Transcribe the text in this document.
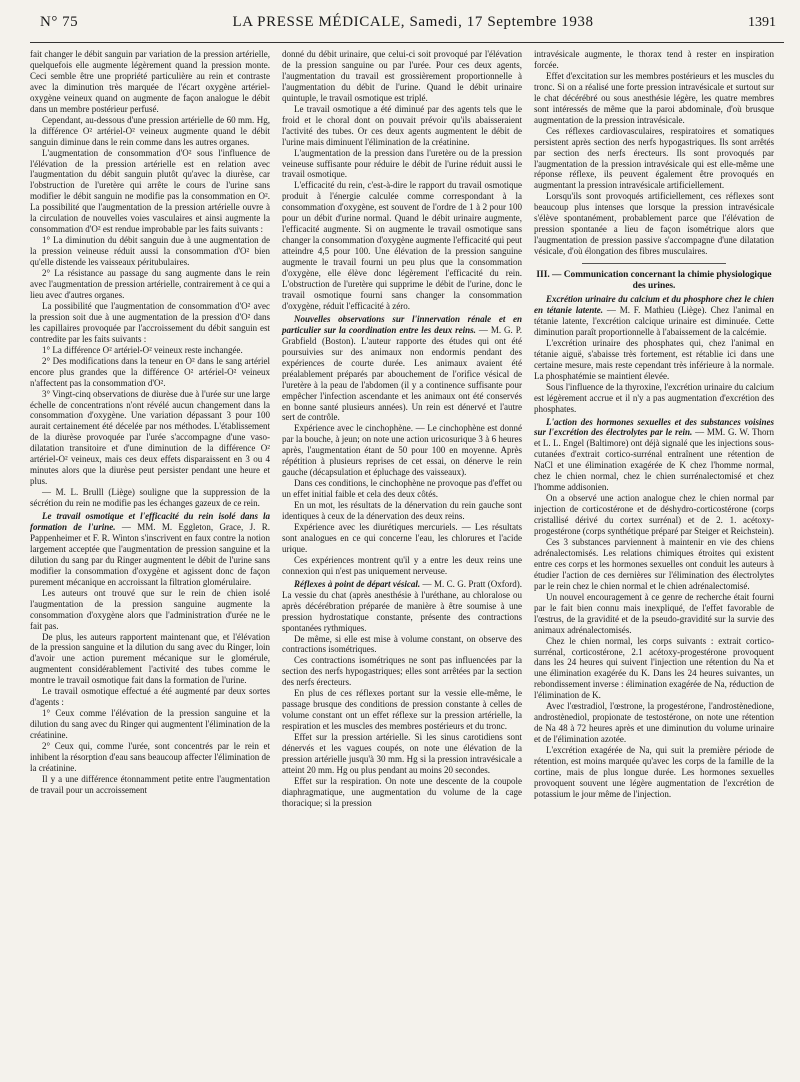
N° 75	LA PRESSE MÉDICALE, Samedi, 17 Septembre 1938	1391

fait changer le débit sanguin par variation de la pression artérielle, quelquefois elle augmente légèrement quand la pression monte. Ceci semble être une propriété particulière au rein et contraste avec la diminution très marquée de l'écart oxygène artériel-oxygène veineux quand on augmente de façon analogue le débit dans un membre postérieur perfusé.

Cependant, au-dessous d'une pression artérielle de 60 mm. Hg, la différence O² artériel-O² veineux augmente quand le débit sanguin diminue dans le rein comme dans les autres organes.

L'augmentation de consommation d'O² sous l'influence de l'élévation de la pression artérielle est en relation avec l'augmentation du débit sanguin plutôt qu'avec la diurèse, car l'obstruction de l'uretère qui arrête le cours de l'urine sans modifier le débit sanguin ne modifie pas la consommation en O². La possibilité que l'augmentation de la pression artérielle ouvre à la circulation de nouvelles voies vasculaires et ainsi augmente la consommation d'O² est rendue improbable par les faits suivants :

1° La diminution du débit sanguin due à une augmentation de la pression veineuse réduit aussi la consommation d'O² bien qu'elle distende les vaisseaux péritubulaires.

2° La résistance au passage du sang augmente dans le rein avec l'augmentation de pression artérielle, contrairement à ce qui a lieu avec d'autres organes.

La possibilité que l'augmentation de consommation d'O² avec la pression soit due à une augmentation de la pression d'O² dans les capillaires provoquée par l'accroissement du débit sanguin est contredite par les faits suivants :

1° La différence O² artériel-O² veineux reste inchangée.

2° Des modifications dans la teneur en O² dans le sang artériel encore plus grandes que la différence O² artériel-O² veineux n'affectent pas la consommation d'O².

3° Vingt-cinq observations de diurèse due à l'urée sur une large échelle de concentrations n'ont révélé aucun changement dans la consommation d'oxygène. Une variation dépassant 3 pour 100 aurait certainement été décelée par nos méthodes. L'établissement de la diurèse provoquée par l'urée s'accompagne d'une vaso-dilatation transitoire et d'une diminution de la différence O² artériel-O² veineux, mais ces deux effets disparaissent en 3 ou 4 minutes alors que la diurèse peut persister pendant une heure et plus.

— M. L. Brulll (Liège) souligne que la suppression de la sécrétion du rein ne modifie pas les échanges gazeux de ce rein.

Le travail osmotique et l'efficacité du rein isolé dans la formation de l'urine. — MM. M. Eggleton, Grace, J. R. Pappenheimer et F. R. Winton s'inscrivent en faux contre la notion largement acceptée que l'augmentation de pression sanguine et la dilution du sang par du Ringer augmentent le débit de l'urine sans modifier la consommation d'oxygène et agissent donc de façon purement mécanique en accroissant la filtration glomérulaire.

Les auteurs ont trouvé que sur le rein de chien isolé l'augmentation de la pression sanguine augmente la consommation d'oxygène alors que l'administration d'urée ne le fait pas.

De plus, les auteurs rapportent maintenant que, et l'élévation de la pression sanguine et la dilution du sang avec du Ringer, loin d'avoir une action purement mécanique sur le glomérule, augmentent considérablement l'activité des tubes comme le montre le travail osmotique fait dans la formation de l'urine.

Le travail osmotique effectué a été augmenté par deux sortes d'agents :

1° Ceux comme l'élévation de la pression sanguine et la dilution du sang avec du Ringer qui augmentent l'élimination de la créatinine.

2° Ceux qui, comme l'urée, sont concentrés par le rein et inhibent la résorption d'eau sans beaucoup affecter l'élimination de la créatinine.

Il y a une différence étonnamment petite entre l'augmentation de travail pour un accroissement

donné du débit urinaire, que celui-ci soit provoqué par l'élévation de la pression sanguine ou par l'urée. Pour ces deux agents, l'augmentation du travail est grossièrement proportionnelle à l'augmentation du débit de l'urine. Quand le débit urinaire quintuple, le travail osmotique est triplé.

Le travail osmotique a été diminué par des agents tels que le froid et le choral dont on pouvait prévoir qu'ils abaisseraient l'activité des tubes. Or ces deux agents augmentent le débit de l'urine mais diminuent l'élimination de la créatinine.

L'augmentation de la pression dans l'uretère ou de la pression veineuse suffisante pour réduire le débit de l'urine réduit aussi le travail osmotique.

L'efficacité du rein, c'est-à-dire le rapport du travail osmotique produit à l'énergie calculée comme correspondant à la consommation d'oxygène, est souvent de l'ordre de 1 à 2 pour 100 pour un débit d'urine normal. Quand le débit urinaire augmente, l'efficacité augmente. Si on augmente le travail osmotique sans changer la consommation d'oxygène augmente l'efficacité qui peut atteindre 4,5 pour 100. Une élévation de la pression sanguine augmente le travail fourni un peu plus que la consommation d'oxygène, elle élève donc légèrement l'efficacité du rein. L'obstruction de l'uretère qui supprime le débit de l'urine, donc le travail osmotique fourni sans changer la consommation d'oxygène, réduit l'efficacité à zéro.

Nouvelles observations sur l'innervation rénale et en particulier sur la coordination entre les deux reins. — M. G. P. Grabfield (Boston). L'auteur rapporte des études qui ont été poursuivies sur des animaux non endormis pendant des expériences de courte durée. Les animaux avaient été préalablement préparés par abouchement de l'orifice vésical de l'uretère à la peau de l'abdomen (il y a continence suffisante pour empêcher l'infection ascendante et les animaux ont été conservés en bonne santé plusieurs années). Un rein est dénervé et l'autre sert de contrôle.

Expérience avec le cinchophène. — Le cinchophène est donné par la bouche, à jeun; on note une action uricosurique 3 à 6 heures après, l'augmentation étant de 50 pour 100 en moyenne. Après répétition à plusieurs reprises de cet essai, on dénerve le rein gauche (décapsulation et épluchage des vaisseaux).

Dans ces conditions, le cinchophène ne provoque pas d'effet ou un effet initial faible et cela des deux côtés.

En un mot, les résultats de la dénervation du rein gauche sont identiques à ceux de la dénervation des deux reins.

Expérience avec les diurétiques mercuriels. — Les résultats sont analogues en ce qui concerne l'eau, les chlorures et l'acide urique.

Ces expériences montrent qu'il y a entre les deux reins une connexion qui n'est pas uniquement nerveuse.

Réflexes à point de départ vésical. — M. C. G. Pratt (Oxford). La vessie du chat (après anesthésie à l'uréthane, au chloralose ou après décérébration préparée de manière à être soumise à une pression hydrostatique constante, présente des contractions spontanées rythmiques.

De même, si elle est mise à volume constant, on observe des contractions isométriques.

Ces contractions isométriques ne sont pas influencées par la section des nerfs hypogastriques; elles sont arrêtées par la section des nerfs érecteurs.

En plus de ces réflexes portant sur la vessie elle-même, le passage brusque des conditions de pression constante à celles de volume constant ont un effet réflexe sur la pression artérielle, la respiration et les muscles des membres postérieurs et du tronc.

Effet sur la pression artérielle. Si les sinus carotidiens sont dénervés et les vagues coupés, on note une élévation de la pression artérielle jusqu'à 30 mm. Hg si la pression intravésicale a atteint 20 mm. Hg ou plus pendant au moins 20 secondes.

Effet sur la respiration. On note une descente de la coupole diaphragmatique, une augmentation du volume de la cage thoracique; si la pression

intravésicale augmente, le thorax tend à rester en inspiration forcée.

Effet d'excitation sur les membres postérieurs et les muscles du tronc. Si on a réalisé une forte pression intravésicale et surtout sur le chat décérébré ou sous anesthésie légère, les quatre membres sont intéressés de même que la paroi abdominale, d'où brusque augmentation de la pression intravésicale.

Ces réflexes cardiovasculaires, respiratoires et somatiques persistent après section des nerfs hypogastriques. Ils sont arrêtés par section des nerfs érecteurs. Ils sont provoqués par l'augmentation de la pression intravésicale qui est elle-même une réponse réflexe, ils peuvent également être provoqués en augmentant la pression intravésicale artificiellement.

Lorsqu'ils sont provoqués artificiellement, ces réflexes sont beaucoup plus intenses que lorsque la pression intravésicale s'élève spontanément, probablement parce que l'élévation de pression spontanée a lieu de façon isométrique alors que l'augmentation de pression passive s'accompagne d'une dilatation vésicale, d'où élongation des fibres musculaires.

III. — Communication concernant la chimie physiologique des urines.

Excrétion urinaire du calcium et du phosphore chez le chien en tétanie latente. — M. F. Mathieu (Liège). Chez l'animal en tétanie latente, l'excrétion calcique urinaire est diminuée. Cette diminution paraît proportionnelle à l'abaissement de la calcémie.

L'excrétion urinaire des phosphates qui, chez l'animal en tétanie aiguë, s'abaisse très fortement, est rétablie ici dans une certaine mesure, mais reste cependant très inférieure à la normale. La phosphatémie se maintient élevée.

Sous l'influence de la thyroxine, l'excrétion urinaire du calcium est légèrement accrue et il n'y a pas augmentation d'excrétion des phosphates.

L'action des hormones sexuelles et des substances voisines sur l'excrétion des électrolytes par le rein. — MM. G. W. Thorn et L. L. Engel (Baltimore) ont déjà signalé que les injections sous-cutanées d'extrait cortico-surrénal entraînent une rétention de NaCl et une élimination exagérée de K chez l'homme normal, chez le chien normal, chez le chien surrénalectomisé et chez l'homme addisonien.

On a observé une action analogue chez le chien normal par injection de corticostérone et de déshydro-corticostérone (corps cristallisé dérivé du cortex surrénal) et de 2. 1. acétoxy-progestérone (corps synthétique préparé par Steiger et Reichstein).

Ces 3 substances parviennent à maintenir en vie des chiens adrénalectomisés. Les relations chimiques étroites qui existent entre ces corps et les hormones sexuelles ont conduit les auteurs à étudier l'action de ces dernières sur l'élimination des électrolytes par le rein chez le chien normal et le chien adrénalectomisé.

Un nouvel encouragement à ce genre de recherche était fourni par le fait bien connu mais inexpliqué, de l'effet favorable de l'œstrus, de la gravidité et de la pseudo-gravidité sur la survie des animaux adrénalectomisés.

Chez le chien normal, les corps suivants : extrait cortico-surrénal, corticostérone, 2.1 acétoxy-progestérone provoquent dans les 24 heures qui suivent l'injection une rétention du Na et une élimination exagérée du K. Dans les 24 heures suivantes, un rebondissement inverse : élimination exagérée de Na, réduction de l'élimination de K.

Avec l'œstradiol, l'œstrone, la progestérone, l'androstènedione, androstènediol, propionate de testostérone, on note une rétention de Na 48 à 72 heures après et une diminution du volume urinaire et de l'élimination azotée.

L'excrétion exagérée de Na, qui suit la première période de rétention, est moins marquée qu'avec les corps de la famille de la cortine, mais de plus longue durée. Les hormones sexuelles provoquent souvent une légère augmentation de l'excrétion de potassium le jour même de l'injection.
